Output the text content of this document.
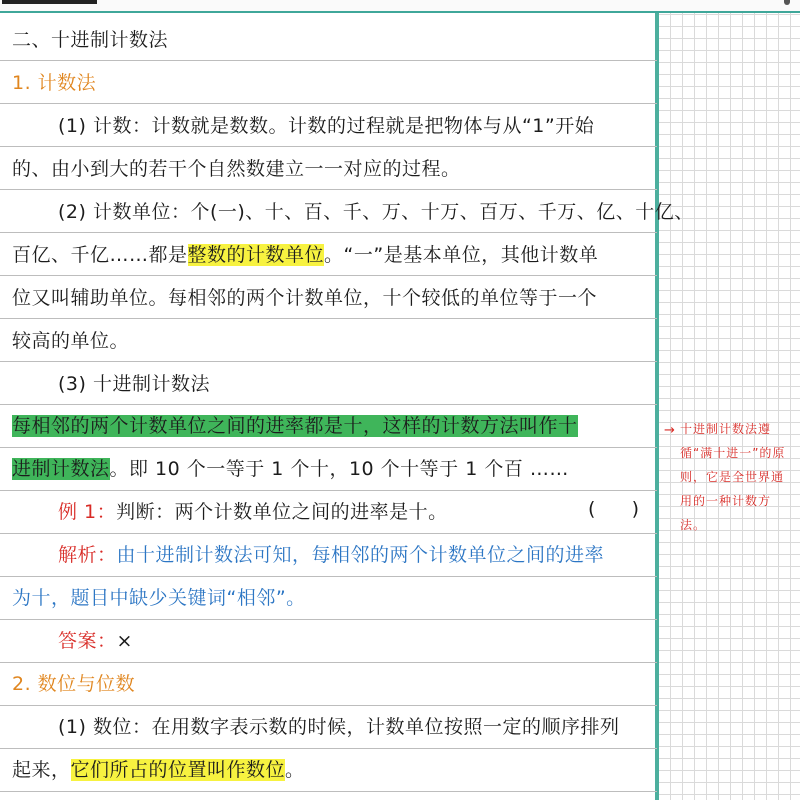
二、十进制计数法
1. 计数法
(1) 计数：计数就是数数。计数的过程就是把物体与从“1”开始
的、由小到大的若干个自然数建立一一对应的过程。
(2) 计数单位：个(一)、十、百、千、万、十万、百万、千万、亿、十亿、
百亿、千亿……都是整数的计数单位。“一”是基本单位，其他计数单
位又叫辅助单位。每相邻的两个计数单位，十个较低的单位等于一个
较高的单位。
(3) 十进制计数法
每相邻的两个计数单位之间的进率都是十，这样的计数方法叫作十
进制计数法。即 10 个一等于 1 个十，10 个十等于 1 个百 ……
例 1：判断：两个计数单位之间的进率是十。	(      )
解析：由十进制计数法可知，每相邻的两个计数单位之间的进率
为十，题目中缺少关键词“相邻”。
答案：×
2. 数位与位数
(1) 数位：在用数字表示数的时候，计数单位按照一定的顺序排列
起来，它们所占的位置叫作数位。
→ 十进制计数法遵循“满十进一”的原则，它是全世界通用的一种计数方法。
